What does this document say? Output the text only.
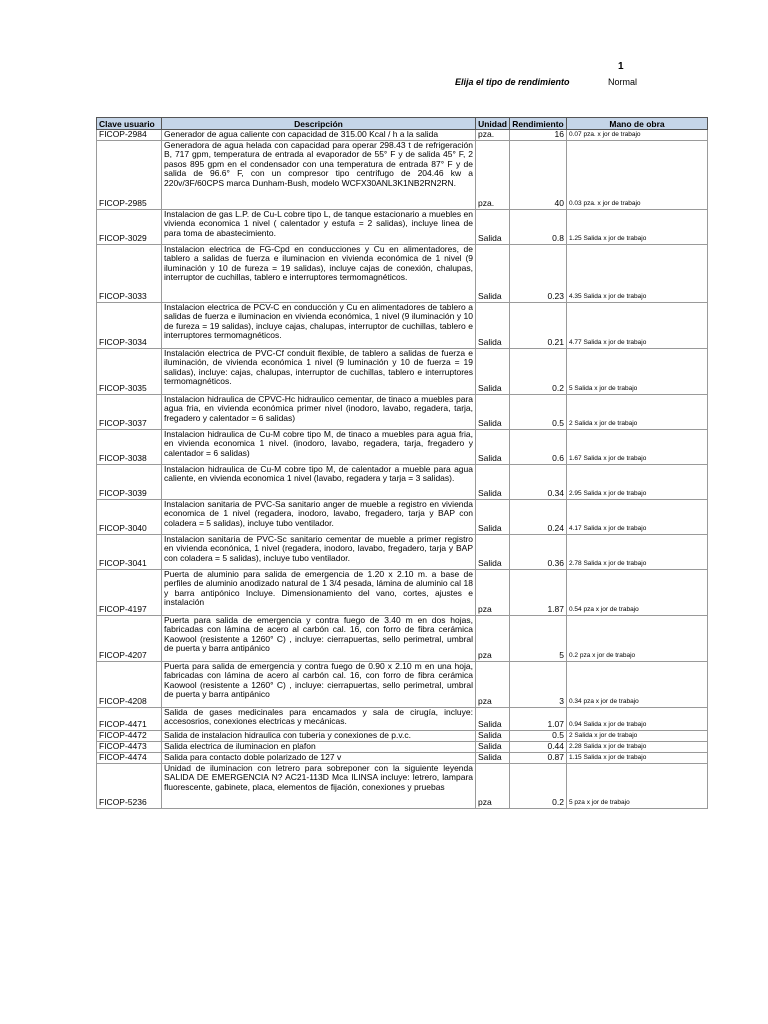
1
Elija el tipo de rendimiento	Normal
Clave usuario	Descripción	Unidad	Rendimiento	Mano de obra
FICOP-2984	Generador de agua caliente con capacidad de 315.00 Kcal / h a la salida	pza.	16	0.07 pza. x jor de trabajo
FICOP-2985	Generadora de agua helada con capacidad para operar 298.43 t de refrigeración B, 717 gpm, temperatura de entrada al evaporador de 55° F y de salida 45° F, 2 pasos 895 gpm en el condensador con una temperatura de entrada 87° F y de salida de 96.6° F, con un compresor tipo centrifugo de 204.46 kw a 220v/3F/60CPS marca Dunham-Bush, modelo WCFX30ANL3K1NB2RN2RN.	pza.	40	0.03 pza. x jor de trabajo
FICOP-3029	Instalacion de gas L.P. de Cu-L cobre tipo L, de tanque estacionario a muebles en vivienda economica 1 nivel ( calentador y estufa = 2 salidas), incluye linea de para toma de abastecimiento.	Salida	0.8	1.25 Salida x jor de trabajo
FICOP-3033	Instalacion electrica de FG-Cpd en conducciones y Cu en alimentadores, de tablero a salidas de fuerza e iluminacion en vivienda económica de 1 nivel (9 iluminación y 10 de fureza = 19 salidas), incluye cajas de conexión, chalupas, interruptor de cuchillas, tablero e interruptores termomagnéticos.	Salida	0.23	4.35 Salida x jor de trabajo
FICOP-3034	Instalacion electrica de PCV-C en conducción y Cu en alimentadores de tablero a salidas de fuerza e iluminacion en vivienda económica, 1 nivel (9 iluminación y 10 de fureza = 19 salidas), incluye cajas, chalupas, interruptor de cuchillas, tablero e interruptores termomagnéticos.	Salida	0.21	4.77 Salida x jor de trabajo
FICOP-3035	Instalación electrica de PVC-Cf conduit flexible, de tablero a salidas de fuerza e iluminación, de vivienda económica 1 nivel (9 luminación y 10 de fuerza = 19 salidas), incluye: cajas, chalupas, interruptor de cuchillas, tablero e interruptores termomagnéticos.	Salida	0.2	5 Salida x jor de trabajo
FICOP-3037	Instalacion hidraulica de CPVC-Hc hidraulico cementar, de tinaco a muebles para agua fria, en vivienda económica primer nivel (inodoro, lavabo, regadera, tarja, fregadero y calentador = 6 salidas)	Salida	0.5	2 Salida x jor de trabajo
FICOP-3038	Instalacion hidraulica de Cu-M cobre tipo M, de tinaco a muebles para agua fria, en vivienda economica 1 nivel. (inodoro, lavabo, regadera, tarja, fregadero y calentador = 6 salidas)	Salida	0.6	1.67 Salida x jor de trabajo
FICOP-3039	Instalacion hidraulica de Cu-M cobre tipo M, de calentador a mueble para agua caliente, en vivienda economica 1 nivel (lavabo, regadera y tarja = 3 salidas).	Salida	0.34	2.95 Salida x jor de trabajo
FICOP-3040	Instalacion sanitaria de PVC-Sa sanitario anger de mueble a registro en vivienda economica de 1 nivel (regadera, inodoro, lavabo, fregadero, tarja y BAP con coladera = 5 salidas), incluye tubo ventilador.	Salida	0.24	4.17 Salida x jor de trabajo
FICOP-3041	Instalacion sanitaria de PVC-Sc sanitario cementar de mueble a primer registro en vivienda econónica, 1 nivel (regadera, inodoro, lavabo, fregadero, tarja y BAP con coladera = 5 salidas), incluye tubo ventilador.	Salida	0.36	2.78 Salida x jor de trabajo
FICOP-4197	Puerta de aluminio para salida de emergencia de 1.20 x 2.10 m. a base de perfiles de aluminio anodizado natural de 1 3/4 pesada, lámina de aluminio cal 18 y barra antipónico Incluye. Dimensionamiento del vano, cortes, ajustes e instalación	pza	1.87	0.54 pza x jor de trabajo
FICOP-4207	Puerta para salida de emergencia y contra fuego de 3.40 m en dos hojas, fabricadas con lámina de acero al carbón cal. 16, con forro de fibra cerámica Kaowool (resistente a 1260° C) , incluye: cierrapuertas, sello perimetral, umbral de puerta y barra antipánico	pza	5	0.2 pza x jor de trabajo
FICOP-4208	Puerta para salida de emergencia y contra fuego de 0.90 x 2.10 m en una hoja, fabricadas con lámina de acero al carbón cal. 16, con forro de fibra cerámica Kaowool (resistente a 1260° C) , incluye: cierrapuertas, sello perimetral, umbral de puerta y barra antipánico	pza	3	0.34 pza x jor de trabajo
FICOP-4471	Salida de gases medicinales para encamados y sala de cirugía, incluye: accesosrios, conexiones electricas y mecánicas.	Salida	1.07	0.94 Salida x jor de trabajo
FICOP-4472	Salida de instalacion hidraulica con tuberia y conexiones de p.v.c.	Salida	0.5	2 Salida x jor de trabajo
FICOP-4473	Salida electrica de iluminacion en plafon	Salida	0.44	2.28 Salida x jor de trabajo
FICOP-4474	Salida para contacto doble polarizado de 127 v	Salida	0.87	1.15 Salida x jor de trabajo
FICOP-5236	Unidad de iluminacion con letrero para sobreponer con la siguiente leyenda SALIDA DE EMERGENCIA N? AC21-113D Mca ILINSA incluye: letrero, lampara fluorescente, gabinete, placa, elementos de fijación, conexiones y pruebas	pza	0.2	5 pza x jor de trabajo
